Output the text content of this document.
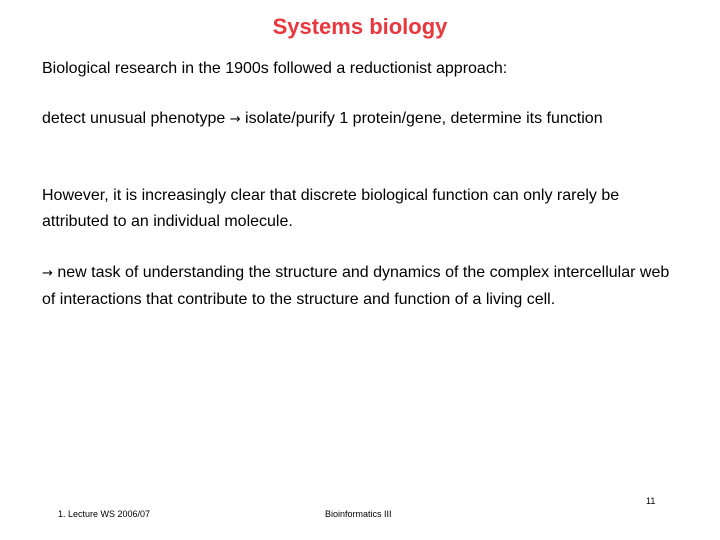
Systems biology

Biological research in the 1900s followed a reductionist approach:

detect unusual phenotype → isolate/purify 1 protein/gene, determine its function

However, it is increasingly clear that discrete biological function can only rarely be attributed to an individual molecule.

→ new task of understanding the structure and dynamics of the complex intercellular web of interactions that contribute to the structure and function of a living cell.

1. Lecture WS 2006/07	Bioinformatics III

11
